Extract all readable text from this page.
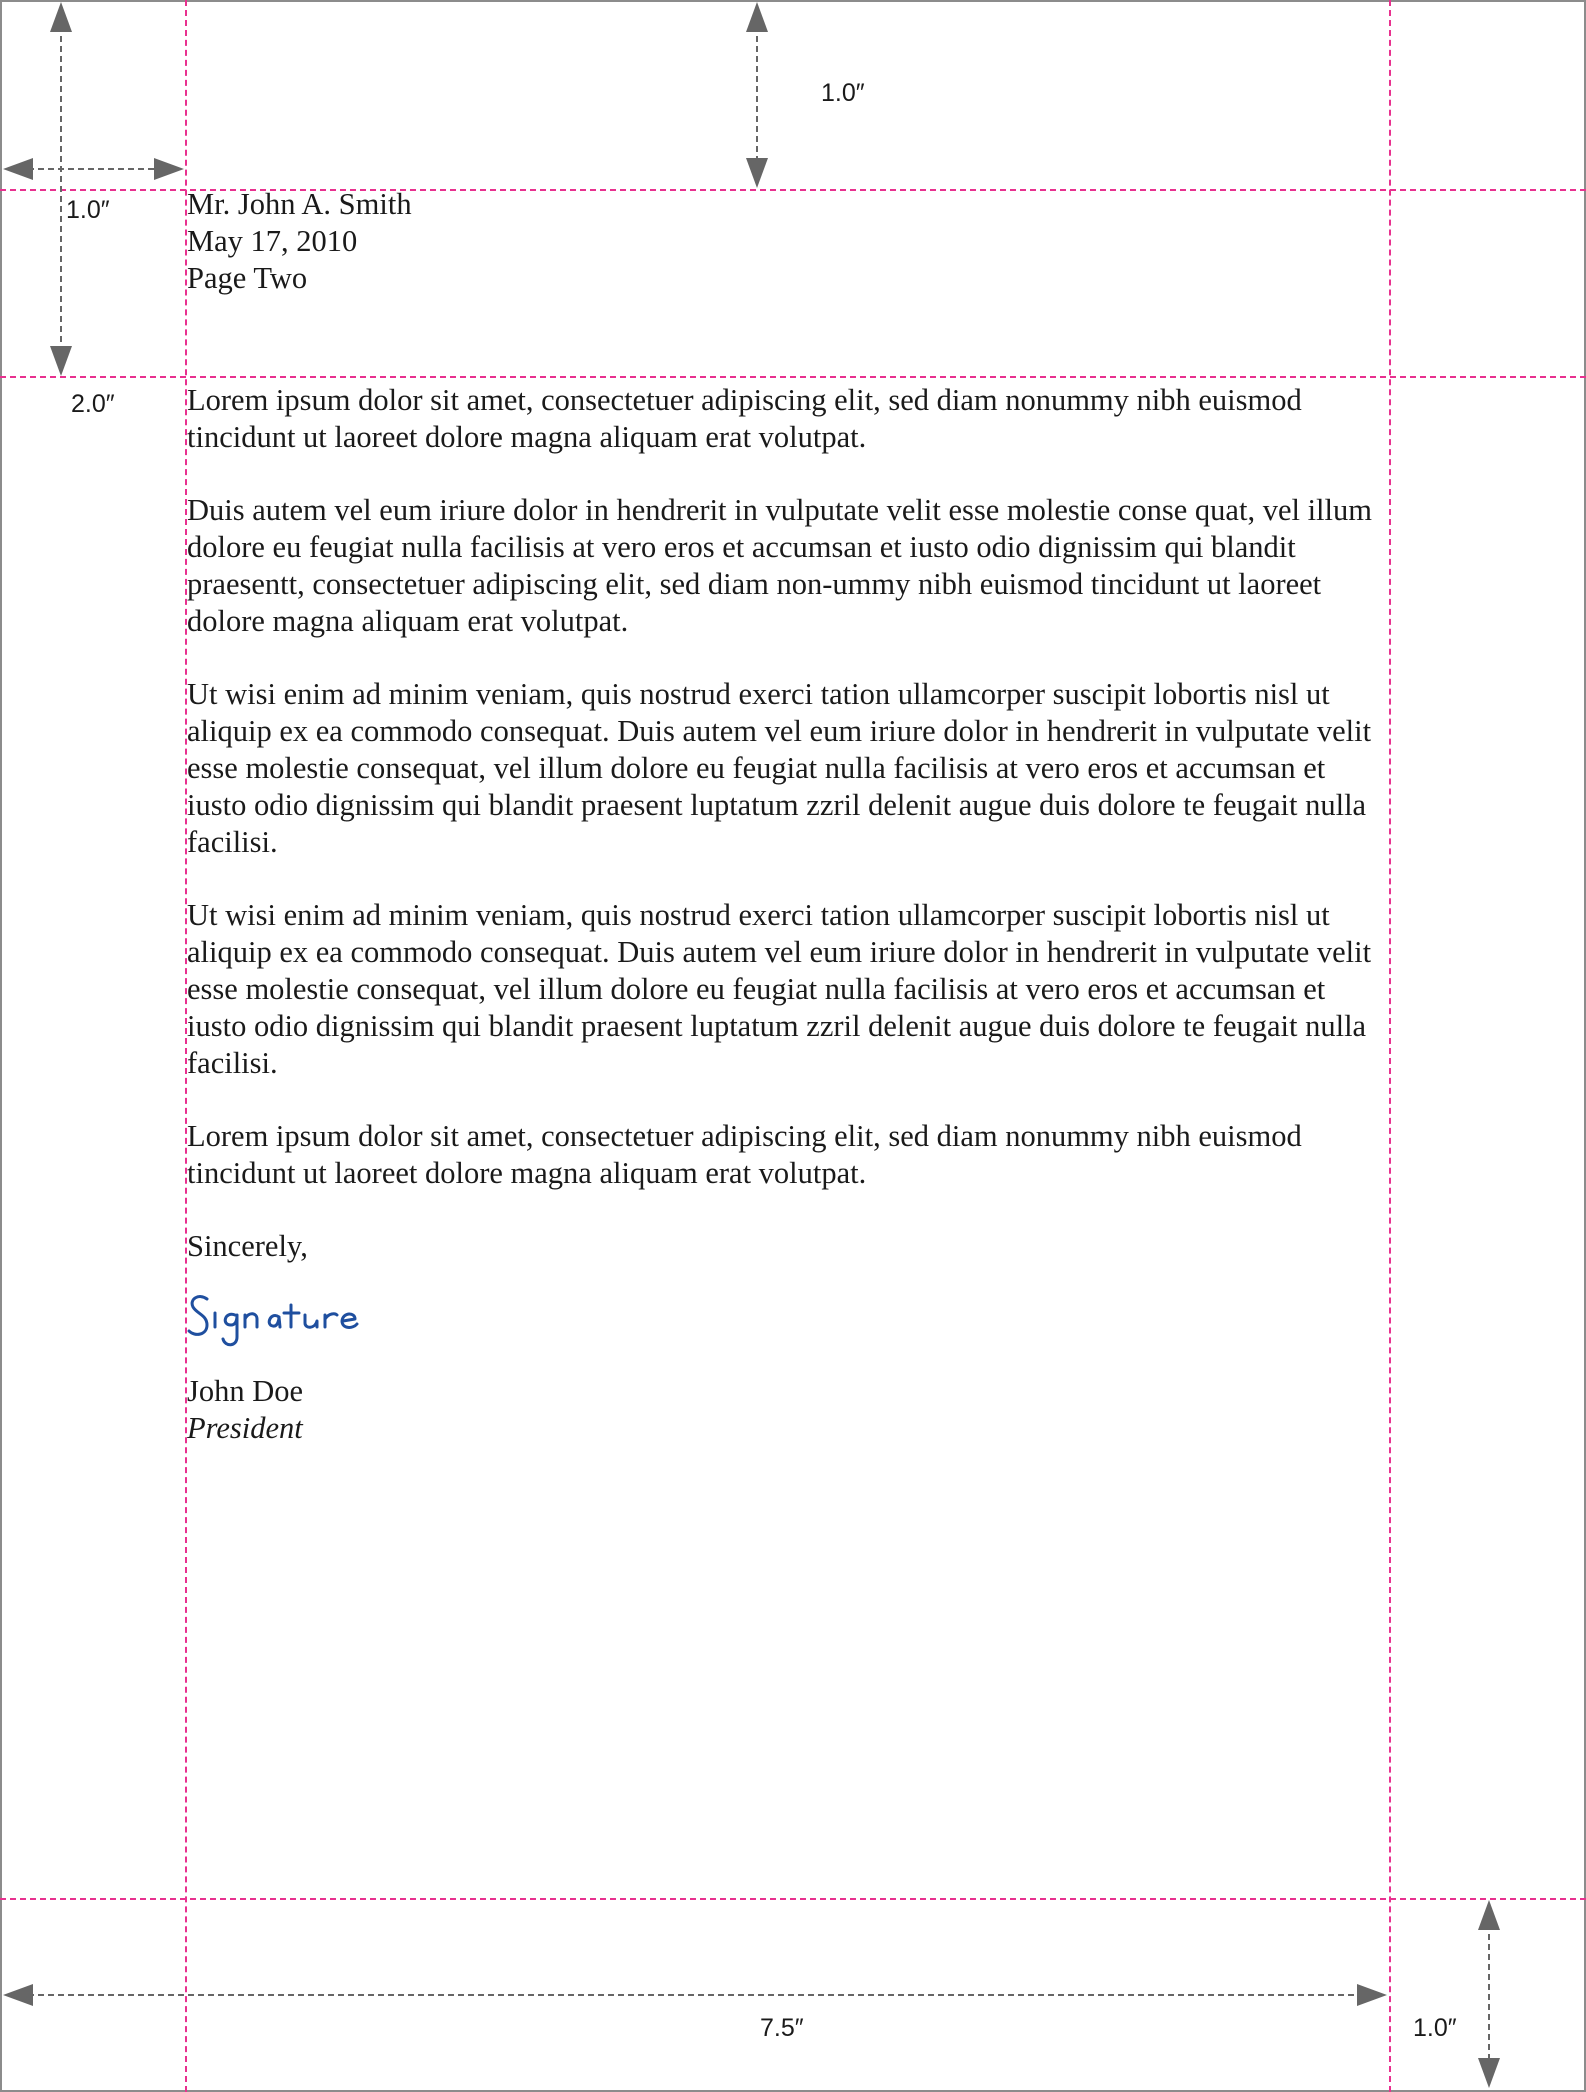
1.0″
1.0″
2.0″
7.5″	1.0″

Mr. John A. Smith

May 17, 2010

Page Two

Lorem ipsum dolor sit amet, consectetuer adipiscing elit, sed diam nonummy nibh euismod tincidunt ut laoreet dolore magna aliquam erat volutpat.

Duis autem vel eum iriure dolor in hendrerit in vulputate velit esse molestie conse quat, vel illum dolore eu feugiat nulla facilisis at vero eros et accumsan et iusto odio dignissim qui blandit praesentt, consectetuer adipiscing elit, sed diam non-ummy nibh euismod tincidunt ut laoreet dolore magna aliquam erat volutpat.

Ut wisi enim ad minim veniam, quis nostrud exerci tation ullamcorper suscipit lobortis nisl ut aliquip ex ea commodo consequat. Duis autem vel eum iriure dolor in hendrerit in vulputate velit esse molestie consequat, vel illum dolore eu feugiat nulla facilisis at vero eros et accumsan et iusto odio dignissim qui blandit praesent luptatum zzril delenit augue duis dolore te feugait nulla facilisi.

Ut wisi enim ad minim veniam, quis nostrud exerci tation ullamcorper suscipit lobortis nisl ut aliquip ex ea commodo consequat. Duis autem vel eum iriure dolor in hendrerit in vulputate velit esse molestie consequat, vel illum dolore eu feugiat nulla facilisis at vero eros et accumsan et iusto odio dignissim qui blandit praesent luptatum zzril delenit augue duis dolore te feugait nulla facilisi.

Lorem ipsum dolor sit amet, consectetuer adipiscing elit, sed diam nonummy nibh euismod tincidunt ut laoreet dolore magna aliquam erat volutpat.

Sincerely,

John Doe

President
